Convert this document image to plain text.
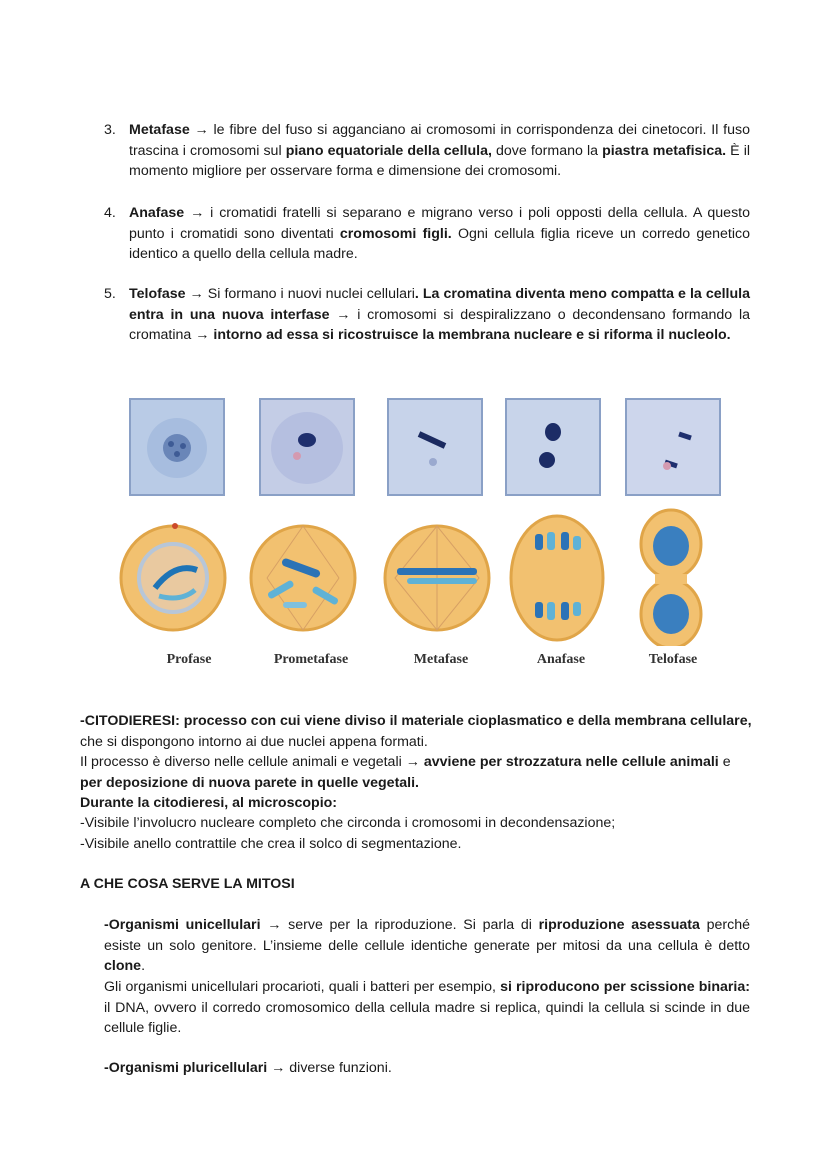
3. Metafase → le fibre del fuso si agganciano ai cromosomi in corrispondenza dei cinetocori. Il fuso trascina i cromosomi sul piano equatoriale della cellula, dove formano la piastra metafisica. È il momento migliore per osservare forma e dimensione dei cromosomi.
4. Anafase → i cromatidi fratelli si separano e migrano verso i poli opposti della cellula. A questo punto i cromatidi sono diventati cromosomi figli. Ogni cellula figlia riceve un corredo genetico identico a quello della cellula madre.
5. Telofase → Si formano i nuovi nuclei cellulari. La cromatina diventa meno compatta e la cellula entra in una nuova interfase → i cromosomi si despiralizzano o decondensano formando la cromatina → intorno ad essa si ricostruisce la membrana nucleare e si riforma il nucleolo.
Profase	Prometafase	Metafase	Anafase	Telofase
-CITODIERESI: processo con cui viene diviso il materiale cioplasmatico e della membrana cellulare, che si dispongono intorno ai due nuclei appena formati.
Il processo è diverso nelle cellule animali e vegetali → avviene per strozzatura nelle cellule animali e per deposizione di nuova parete in quelle vegetali.
Durante la citodieresi, al microscopio:
-Visibile l’involucro nucleare completo che circonda i cromosomi in decondensazione;
-Visibile anello contrattile che crea il solco di segmentazione.
A CHE COSA SERVE LA MITOSI
-Organismi unicellulari → serve per la riproduzione. Si parla di riproduzione asessuata perché esiste un solo genitore. L’insieme delle cellule identiche generate per mitosi da una cellula è detto clone.
Gli organismi unicellulari procarioti, quali i batteri per esempio, si riproducono per scissione binaria: il DNA, ovvero il corredo cromosomico della cellula madre si replica, quindi la cellula si scinde in due cellule figlie.
-Organismi pluricellulari → diverse funzioni.
